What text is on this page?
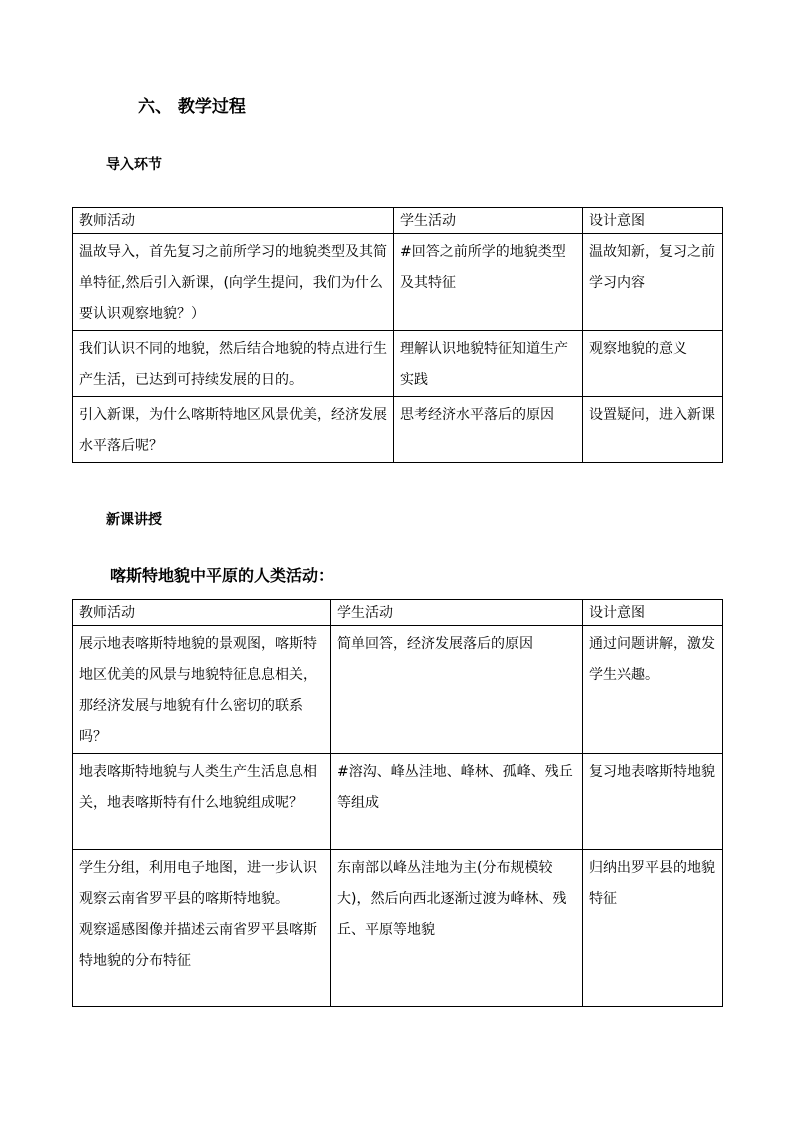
六、 教学过程
导入环节
教师活动	学生活动	设计意图
温故导入，首先复习之前所学习的地貌类型及其简单特征,然后引入新课，(向学生提问，我们为什么要认识观察地貌？）	#回答之前所学的地貌类型及其特征	温故知新，复习之前学习内容
我们认识不同的地貌，然后结合地貌的特点进行生产生活，已达到可持续发展的日的。	理解认识地貌特征知道生产实践	观察地貌的意义
引入新课，为什么喀斯特地区风景优美，经济发展水平落后呢？	思考经济水平落后的原因	设置疑问，进入新课
新课讲授
喀斯特地貌中平原的人类活动：
教师活动	学生活动	设计意图
展示地表喀斯特地貌的景观图，喀斯特地区优美的风景与地貌特征息息相关，那经济发展与地貌有什么密切的联系吗？	简单回答，经济发展落后的原因	通过问题讲解，激发学生兴趣。
地表喀斯特地貌与人类生产生活息息相关，地表喀斯特有什么地貌组成呢？	#溶沟、峰丛洼地、峰林、孤峰、残丘等组成	复习地表喀斯特地貌

学生分组，利用电子地图，进一步认识观察云南省罗平县的喀斯特地貌。
观察遥感图像并描述云南省罗平县喀斯特地貌的分布特征	东南部以峰丛洼地为主(分布规模较大)，然后向西北逐渐过渡为峰林、残丘、平原等地貌	归纳出罗平县的地貌特征
